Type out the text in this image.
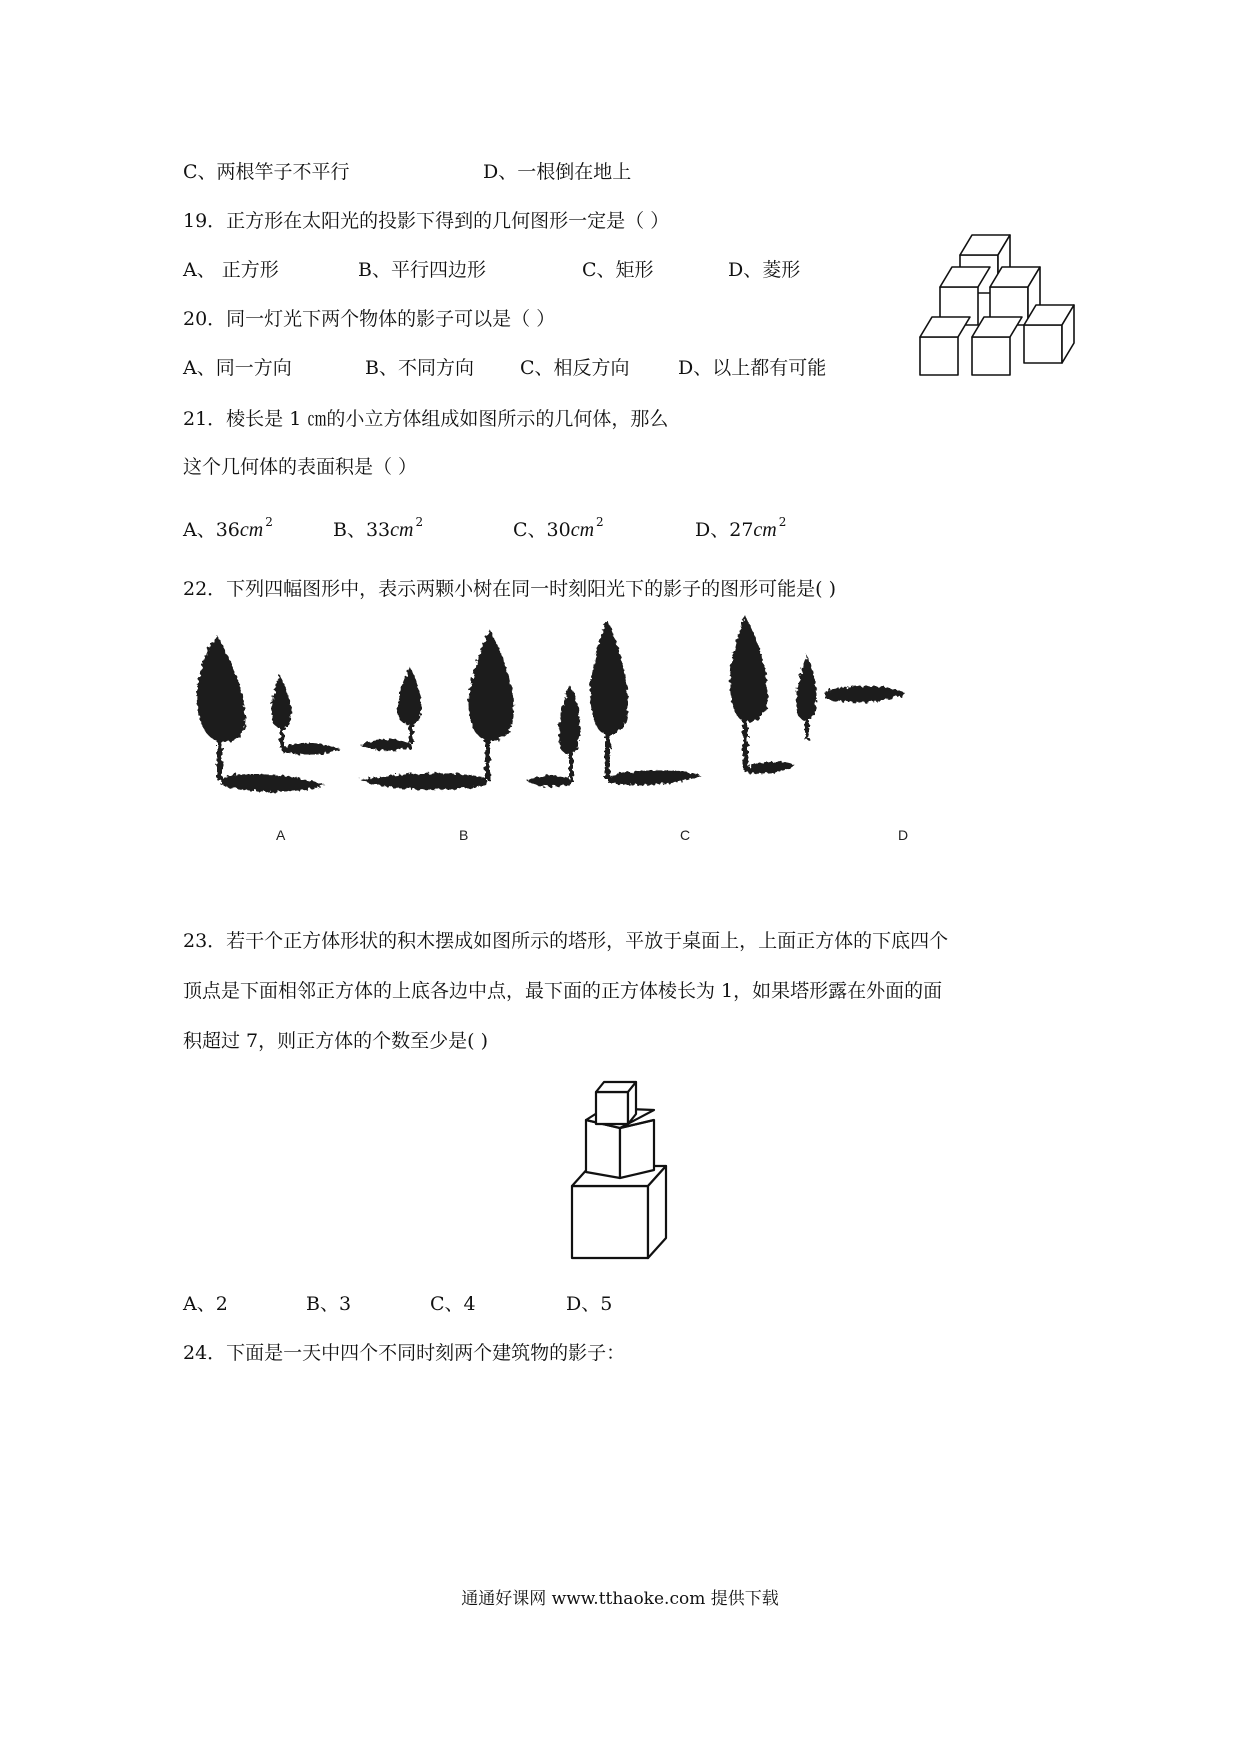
C、两根竿子不平行	D、一根倒在地上
19．正方形在太阳光的投影下得到的几何图形一定是（ ）
A、 正方形	B、平行四边形	C、矩形	D、菱形
20．同一灯光下两个物体的影子可以是（ ）
A、同一方向	B、不同方向 C、相反方向	D、以上都有可能
21．棱长是 1 ㎝的小立方体组成如图所示的几何体，那么
这个几何体的表面积是（ ）
A、36cm $^2$	B、33cm $^2$	C、30cm $^2$	D、27cm $^2$
22．下列四幅图形中，表示两颗小树在同一时刻阳光下的影子的图形可能是( )
A	B	C	D
23．若干个正方体形状的积木摆成如图所示的塔形，平放于桌面上，上面正方体的下底四个
顶点是下面相邻正方体的上底各边中点，最下面的正方体棱长为 1，如果塔形露在外面的面
积超过 7，则正方体的个数至少是( )
A、2	B、3	C、4	D、5
24．下面是一天中四个不同时刻两个建筑物的影子：
通通好课网 www.tthaoke.com 提供下载
